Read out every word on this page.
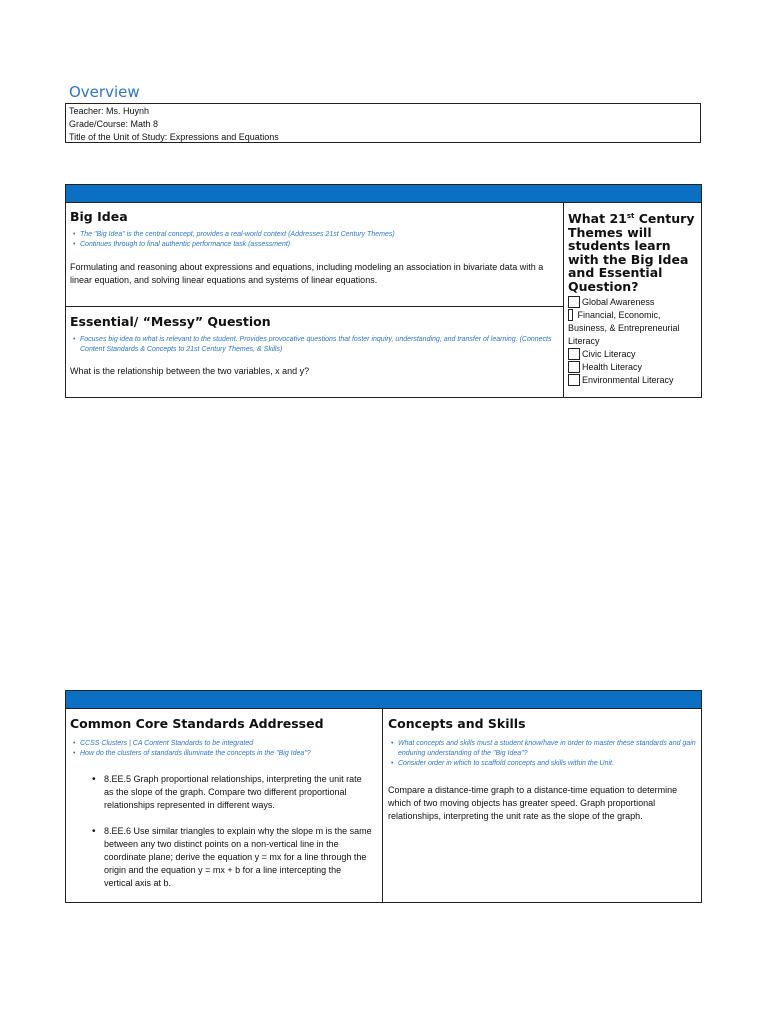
Overview
Teacher: Ms. Huynh
Grade/Course: Math 8
Title of the Unit of Study: Expressions and Equations
Big Idea
• The "Big Idea" is the central concept, provides a real-world context (Addresses 21st Century Themes)
• Continues through to final authentic performance task (assessment)
Formulating and reasoning about expressions and equations, including modeling an association in bivariate data with a linear equation, and solving linear equations and systems of linear equations.
Essential/ “Messy” Question
• Focuses big idea to what is relevant to the student. Provides provocative questions that foster inquiry, understanding, and transfer of learning. (Connects Content Standards & Concepts to 21st Century Themes, & Skills)
What is the relationship between the two variables, x and y?
What 21st Century Themes will students learn with the Big Idea and Essential Question?
Global Awareness
Financial, Economic, Business, & Entrepreneurial Literacy
Civic Literacy
Health Literacy
Environmental Literacy
Common Core Standards Addressed
• CCSS Clusters | CA Content Standards to be integrated
• How do the clusters of standards illuminate the concepts in the "Big Idea"?
• 8.EE.5 Graph proportional relationships, interpreting the unit rate as the slope of the graph. Compare two different proportional relationships represented in different ways.
• 8.EE.6 Use similar triangles to explain why the slope m is the same between any two distinct points on a non-vertical line in the coordinate plane; derive the equation y = mx for a line through the origin and the equation y = mx + b for a line intercepting the vertical axis at b.
Concepts and Skills
• What concepts and skills must a student know/have in order to master these standards and gain enduring understanding of the "Big Idea"?
• Consider order in which to scaffold concepts and skills within the Unit.
Compare a distance-time graph to a distance-time equation to determine which of two moving objects has greater speed. Graph proportional relationships, interpreting the unit rate as the slope of the graph.
